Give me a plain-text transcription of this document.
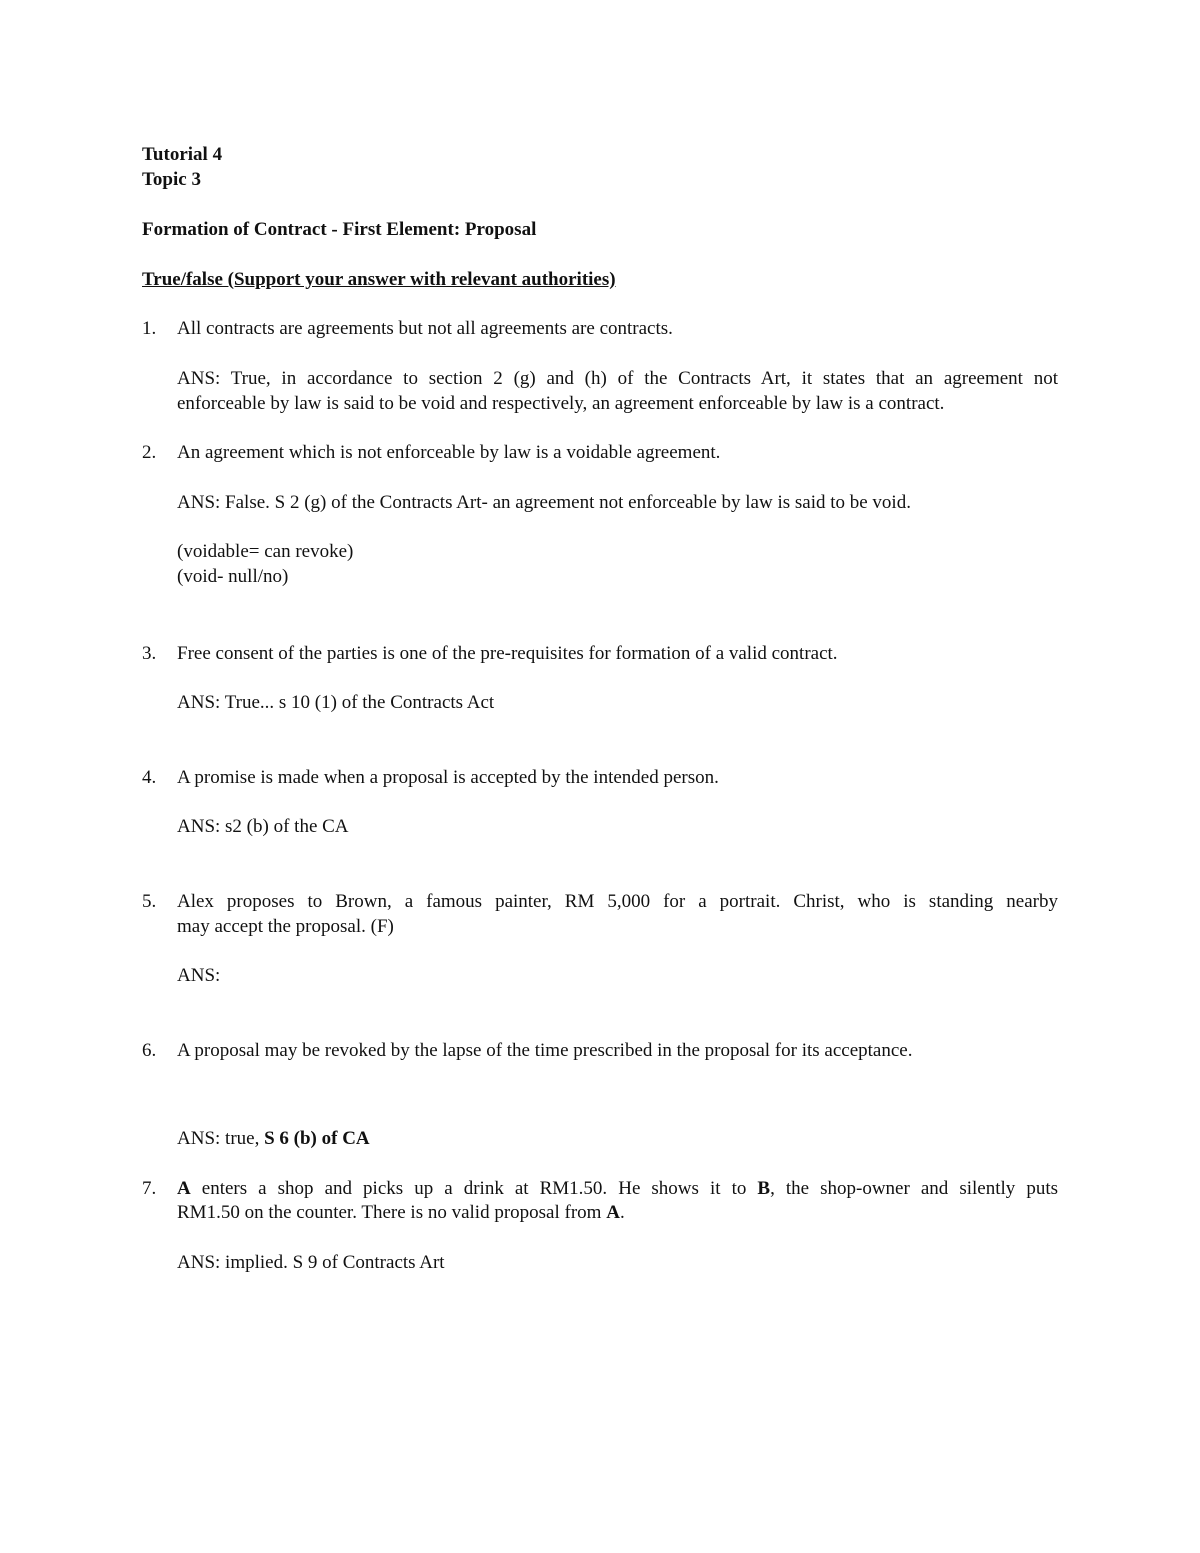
Tutorial 4
Topic 3
Formation of Contract - First Element: Proposal
True/false (Support your answer with relevant authorities)
1. All contracts are agreements but not all agreements are contracts.
ANS: True, in accordance to section 2 (g) and (h) of the Contracts Art, it states that an agreement not
enforceable by law is said to be void and respectively, an agreement enforceable by law is a contract.
2. An agreement which is not enforceable by law is a voidable agreement.
ANS: False. S 2 (g) of the Contracts Art- an agreement not enforceable by law is said to be void.
(voidable= can revoke)
(void- null/no)
3. Free consent of the parties is one of the pre-requisites for formation of a valid contract.
ANS: True... s 10 (1) of the Contracts Act
4. A promise is made when a proposal is accepted by the intended person.
ANS: s2 (b) of the CA
5. Alex proposes to Brown, a famous painter, RM 5,000 for a portrait. Christ, who is standing nearby
may accept the proposal. (F)
ANS:
6. A proposal may be revoked by the lapse of the time prescribed in the proposal for its acceptance.
ANS: true, S 6 (b) of CA
7. A enters a shop and picks up a drink at RM1.50. He shows it to B, the shop-owner and silently puts
RM1.50 on the counter. There is no valid proposal from A.
ANS: implied. S 9 of Contracts Art
